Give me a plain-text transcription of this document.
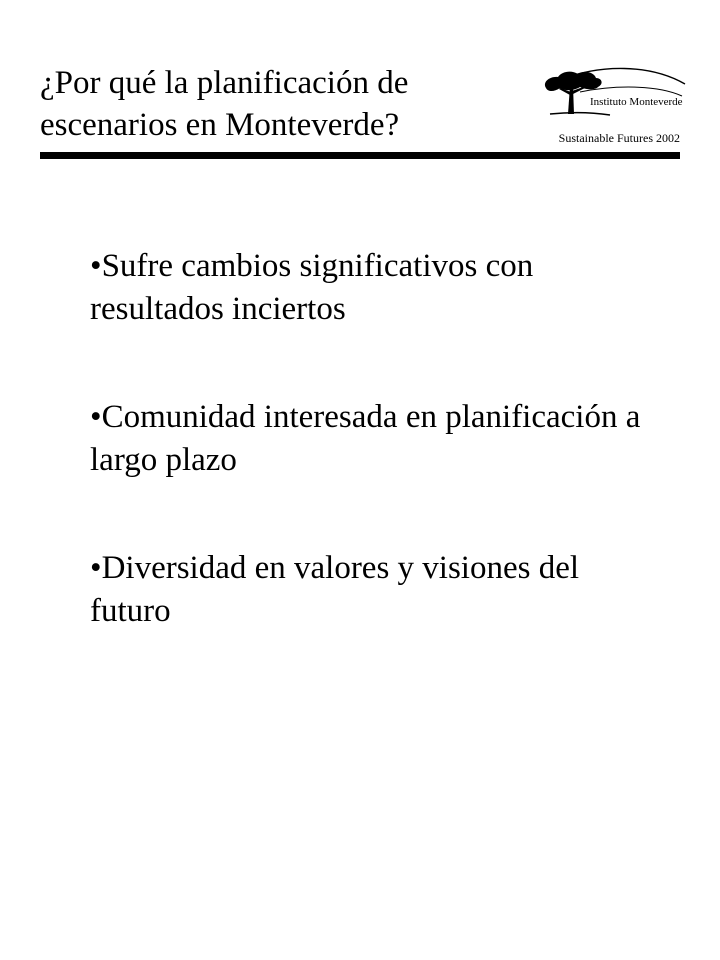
¿Por qué la planificación de
escenarios en Monteverde?
Instituto Monteverde
Sustainable Futures 2002
•Sufre cambios significativos con resultados inciertos
•Comunidad interesada en planificación a largo plazo
•Diversidad en valores y visiones del futuro
